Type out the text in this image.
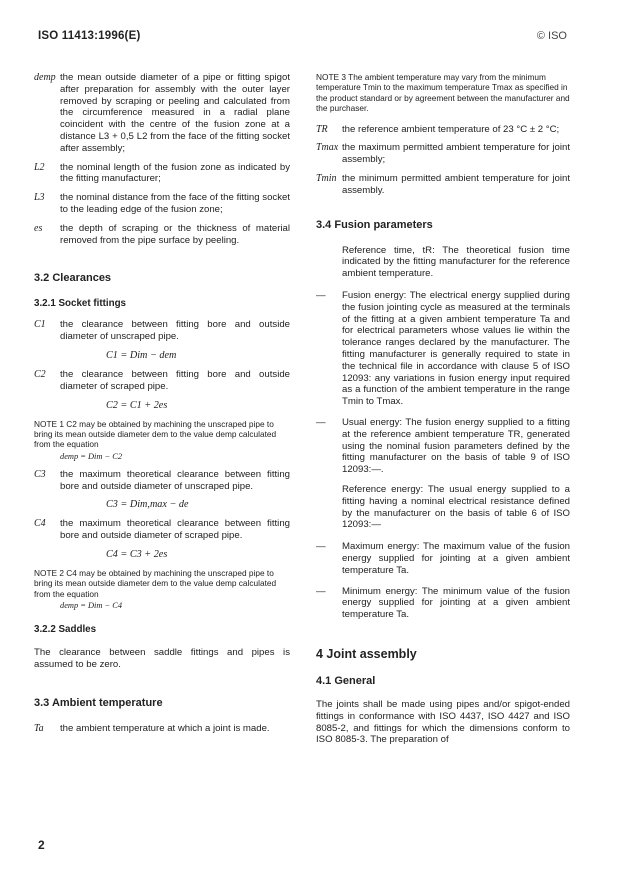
ISO 11413:1996(E)	© ISO
demp the mean outside diameter of a pipe or fitting spigot after preparation for assembly with the outer layer removed by scraping or peeling and calculated from the circumference measured in a radial plane coincident with the centre of the fusion zone at a distance L3 + 0,5 L2 from the face of the fitting socket after assembly;
L2	the nominal length of the fusion zone as indicated by the fitting manufacturer;
L3	the nominal distance from the face of the fitting socket to the leading edge of the fusion zone;
es	the depth of scraping or the thickness of material removed from the pipe surface by peeling.
3.2 Clearances
3.2.1 Socket fittings
C1	the clearance between fitting bore and outside diameter of unscraped pipe.
C1 = Dim − dem
C2	the clearance between fitting bore and outside diameter of scraped pipe.
C2 = C1 + 2es
NOTE 1 C2 may be obtained by machining the unscraped pipe to bring its mean outside diameter dem to the value demp calculated from the equation
demp = Dim − C2
C3	the maximum theoretical clearance between fitting bore and outside diameter of unscraped pipe.
C3 = Dim,max − de
C4	the maximum theoretical clearance between fitting bore and outside diameter of scraped pipe.
C4 = C3 + 2es
NOTE 2 C4 may be obtained by machining the unscraped pipe to bring its mean outside diameter dem to the value demp calculated from the equation
demp = Dim − C4
3.2.2 Saddles
The clearance between saddle fittings and pipes is assumed to be zero.
3.3 Ambient temperature
Ta	the ambient temperature at which a joint is made.
NOTE 3 The ambient temperature may vary from the minimum temperature Tmin to the maximum temperature Tmax as specified in the product standard or by agreement between the manufacturer and the purchaser.
TR	the reference ambient temperature of 23 °C ± 2 °C;
Tmax the maximum permitted ambient temperature for joint assembly;
Tmin the minimum permitted ambient temperature for joint assembly.
3.4 Fusion parameters
Reference time, tR: The theoretical fusion time indicated by the fitting manufacturer for the reference ambient temperature.
—	Fusion energy: The electrical energy supplied during the fusion jointing cycle as measured at the terminals of the fitting at a given ambient temperature Ta and for electrical parameters whose values lie within the tolerance ranges declared by the manufacturer. The fitting manufacturer is generally required to state in the technical file in accordance with clause 5 of ISO 12093: any variations in fusion energy input required as a function of the ambient temperature in the range Tmin to Tmax.
—	Usual energy: The fusion energy supplied to a fitting at the reference ambient temperature TR, generated using the nominal fusion parameters defined by the fitting manufacturer on the basis of table 9 of ISO 12093:—.
Reference energy: The usual energy supplied to a fitting having a nominal electrical resistance defined by the manufacturer on the basis of table 6 of ISO 12093:—
—	Maximum energy: The maximum value of the fusion energy supplied for jointing at a given ambient temperature Ta.
—	Minimum energy: The minimum value of the fusion energy supplied for jointing at a given ambient temperature Ta.
4 Joint assembly
4.1 General
The joints shall be made using pipes and/or spigot-ended fittings in conformance with ISO 4437, ISO 4427 and ISO 8085-2, and fittings for which the dimensions conform to ISO 8085-3. The preparation of
2
